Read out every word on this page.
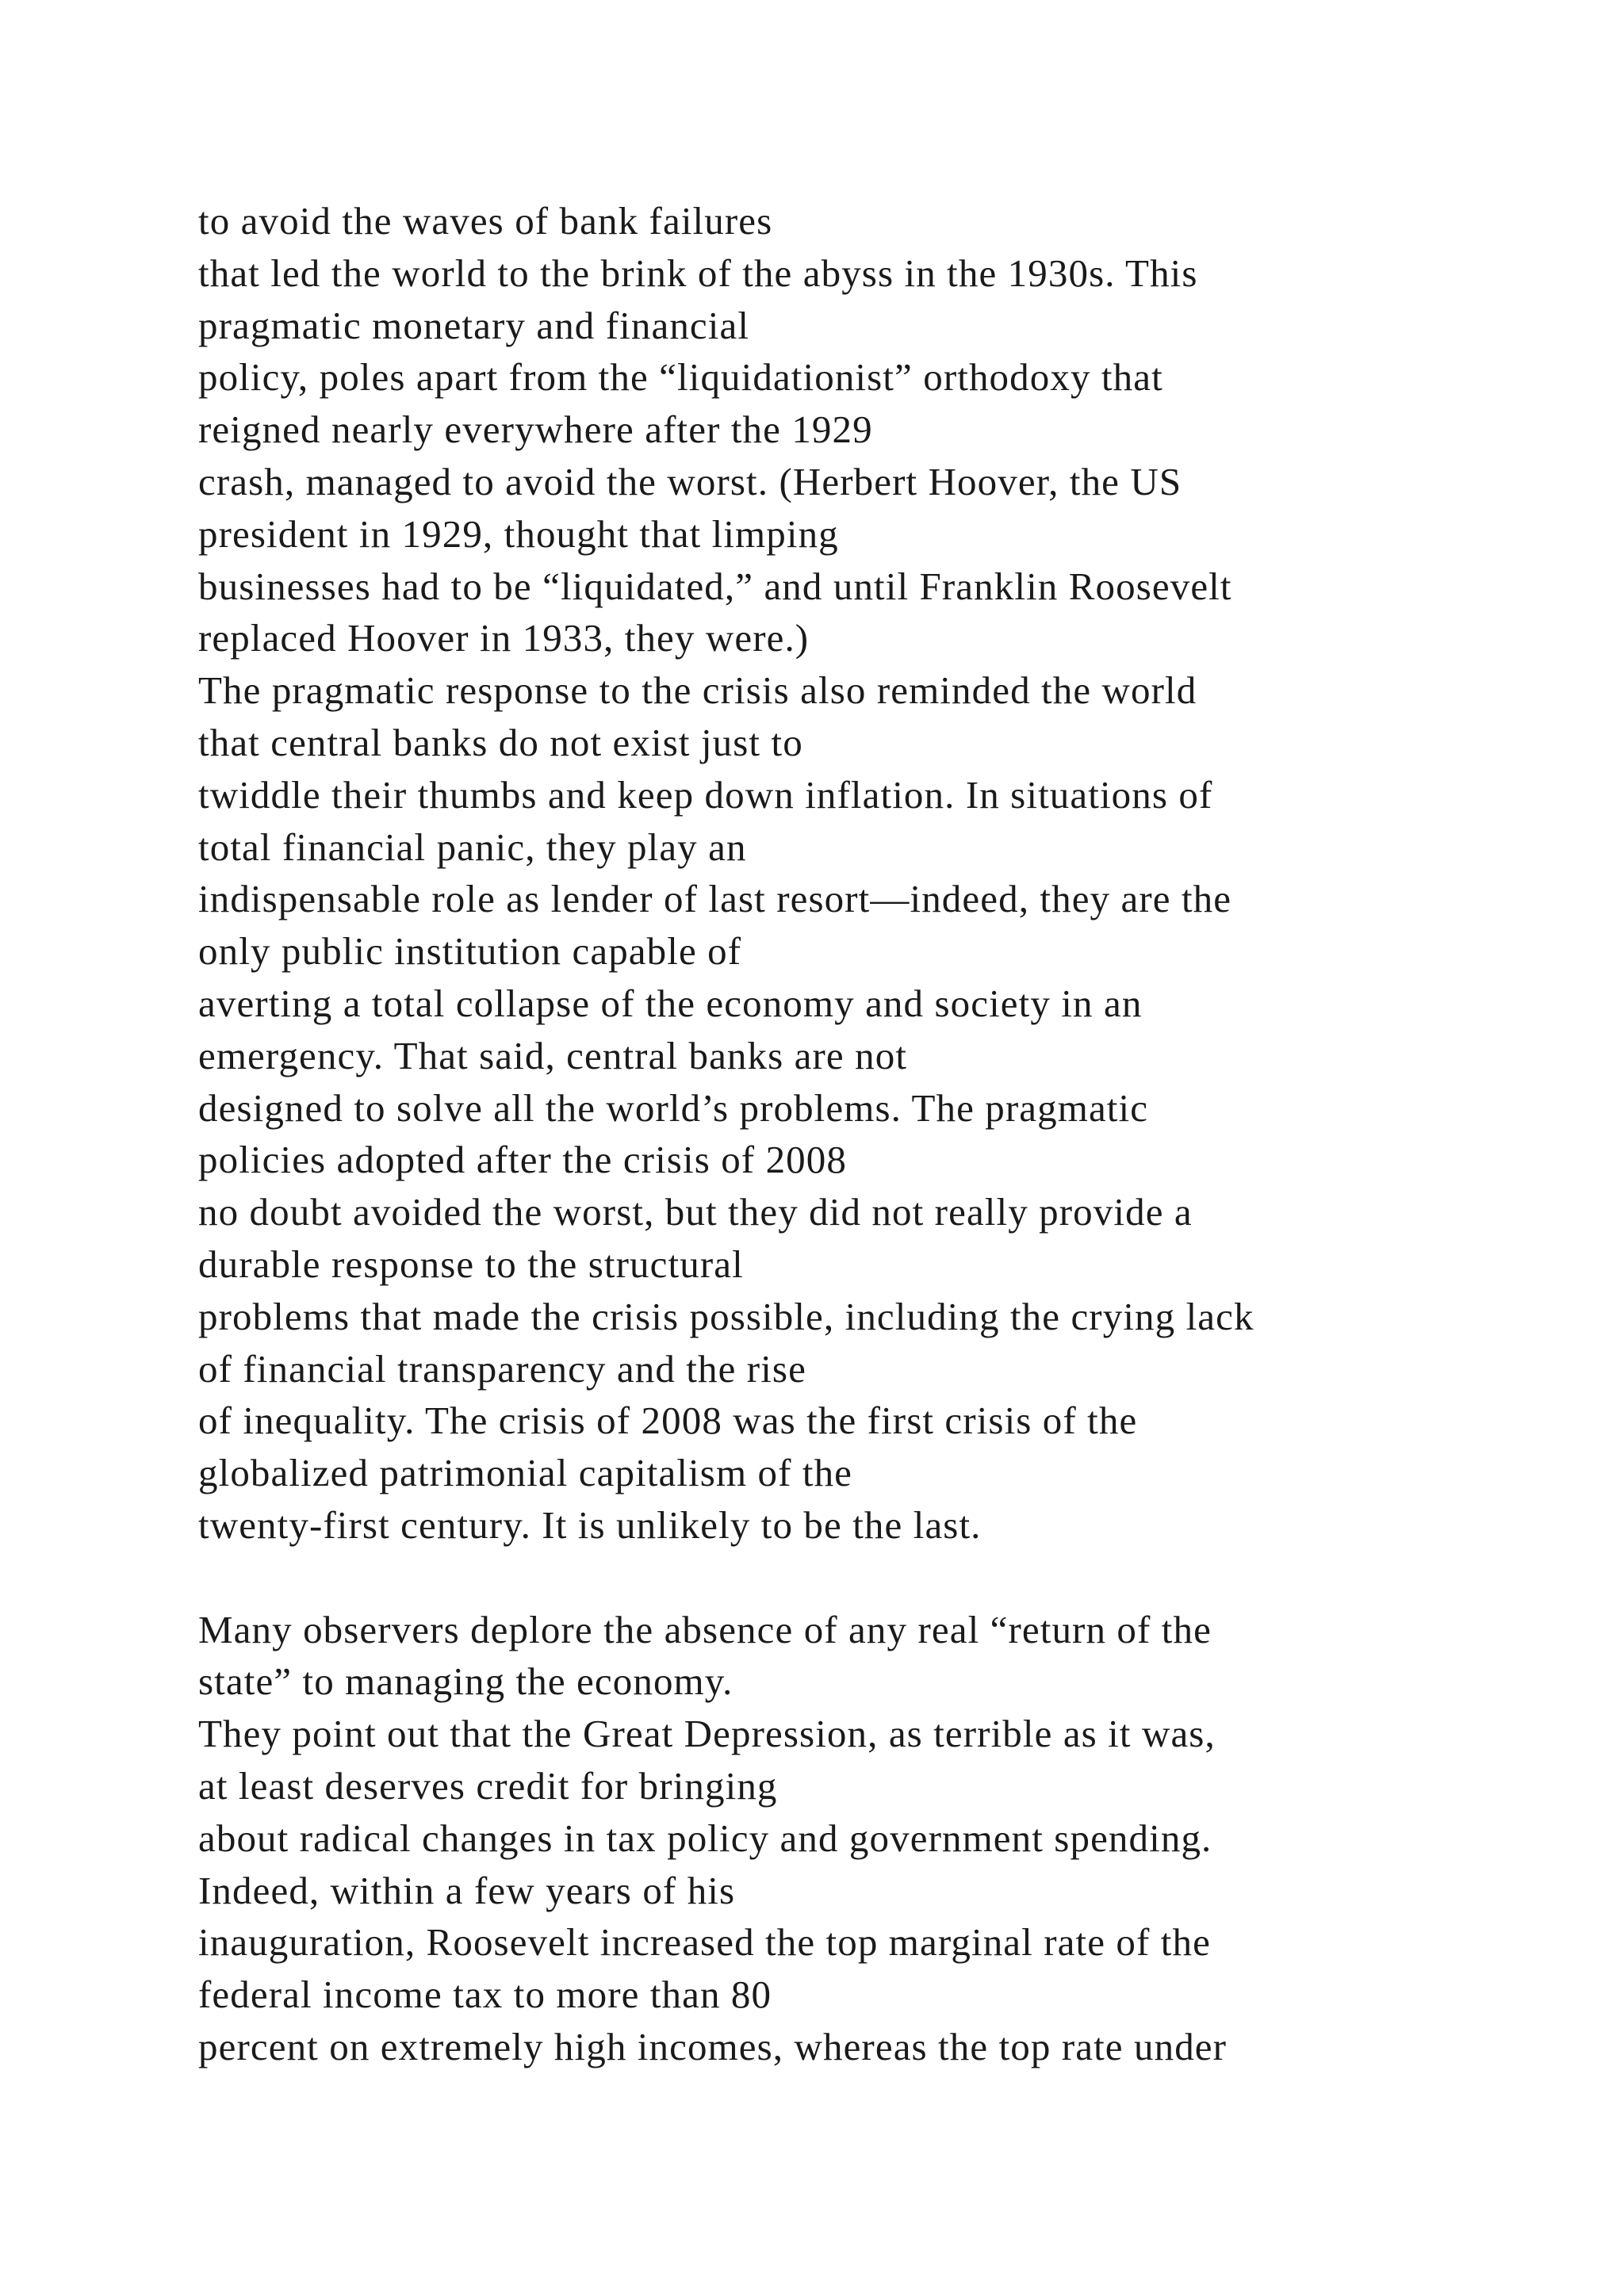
to avoid the waves of bank failures
that led the world to the brink of the abyss in the 1930s. This
pragmatic monetary and financial
policy, poles apart from the “liquidationist” orthodoxy that
reigned nearly everywhere after the 1929
crash, managed to avoid the worst. (Herbert Hoover, the US
president in 1929, thought that limping
businesses had to be “liquidated,” and until Franklin Roosevelt
replaced Hoover in 1933, they were.)
The pragmatic response to the crisis also reminded the world
that central banks do not exist just to
twiddle their thumbs and keep down inflation. In situations of
total financial panic, they play an
indispensable role as lender of last resort—indeed, they are the
only public institution capable of
averting a total collapse of the economy and society in an
emergency. That said, central banks are not
designed to solve all the world’s problems. The pragmatic
policies adopted after the crisis of 2008
no doubt avoided the worst, but they did not really provide a
durable response to the structural
problems that made the crisis possible, including the crying lack
of financial transparency and the rise
of inequality. The crisis of 2008 was the first crisis of the
globalized patrimonial capitalism of the
twenty-first century. It is unlikely to be the last.
Many observers deplore the absence of any real “return of the
state” to managing the economy.
They point out that the Great Depression, as terrible as it was,
at least deserves credit for bringing
about radical changes in tax policy and government spending.
Indeed, within a few years of his
inauguration, Roosevelt increased the top marginal rate of the
federal income tax to more than 80
percent on extremely high incomes, whereas the top rate under
